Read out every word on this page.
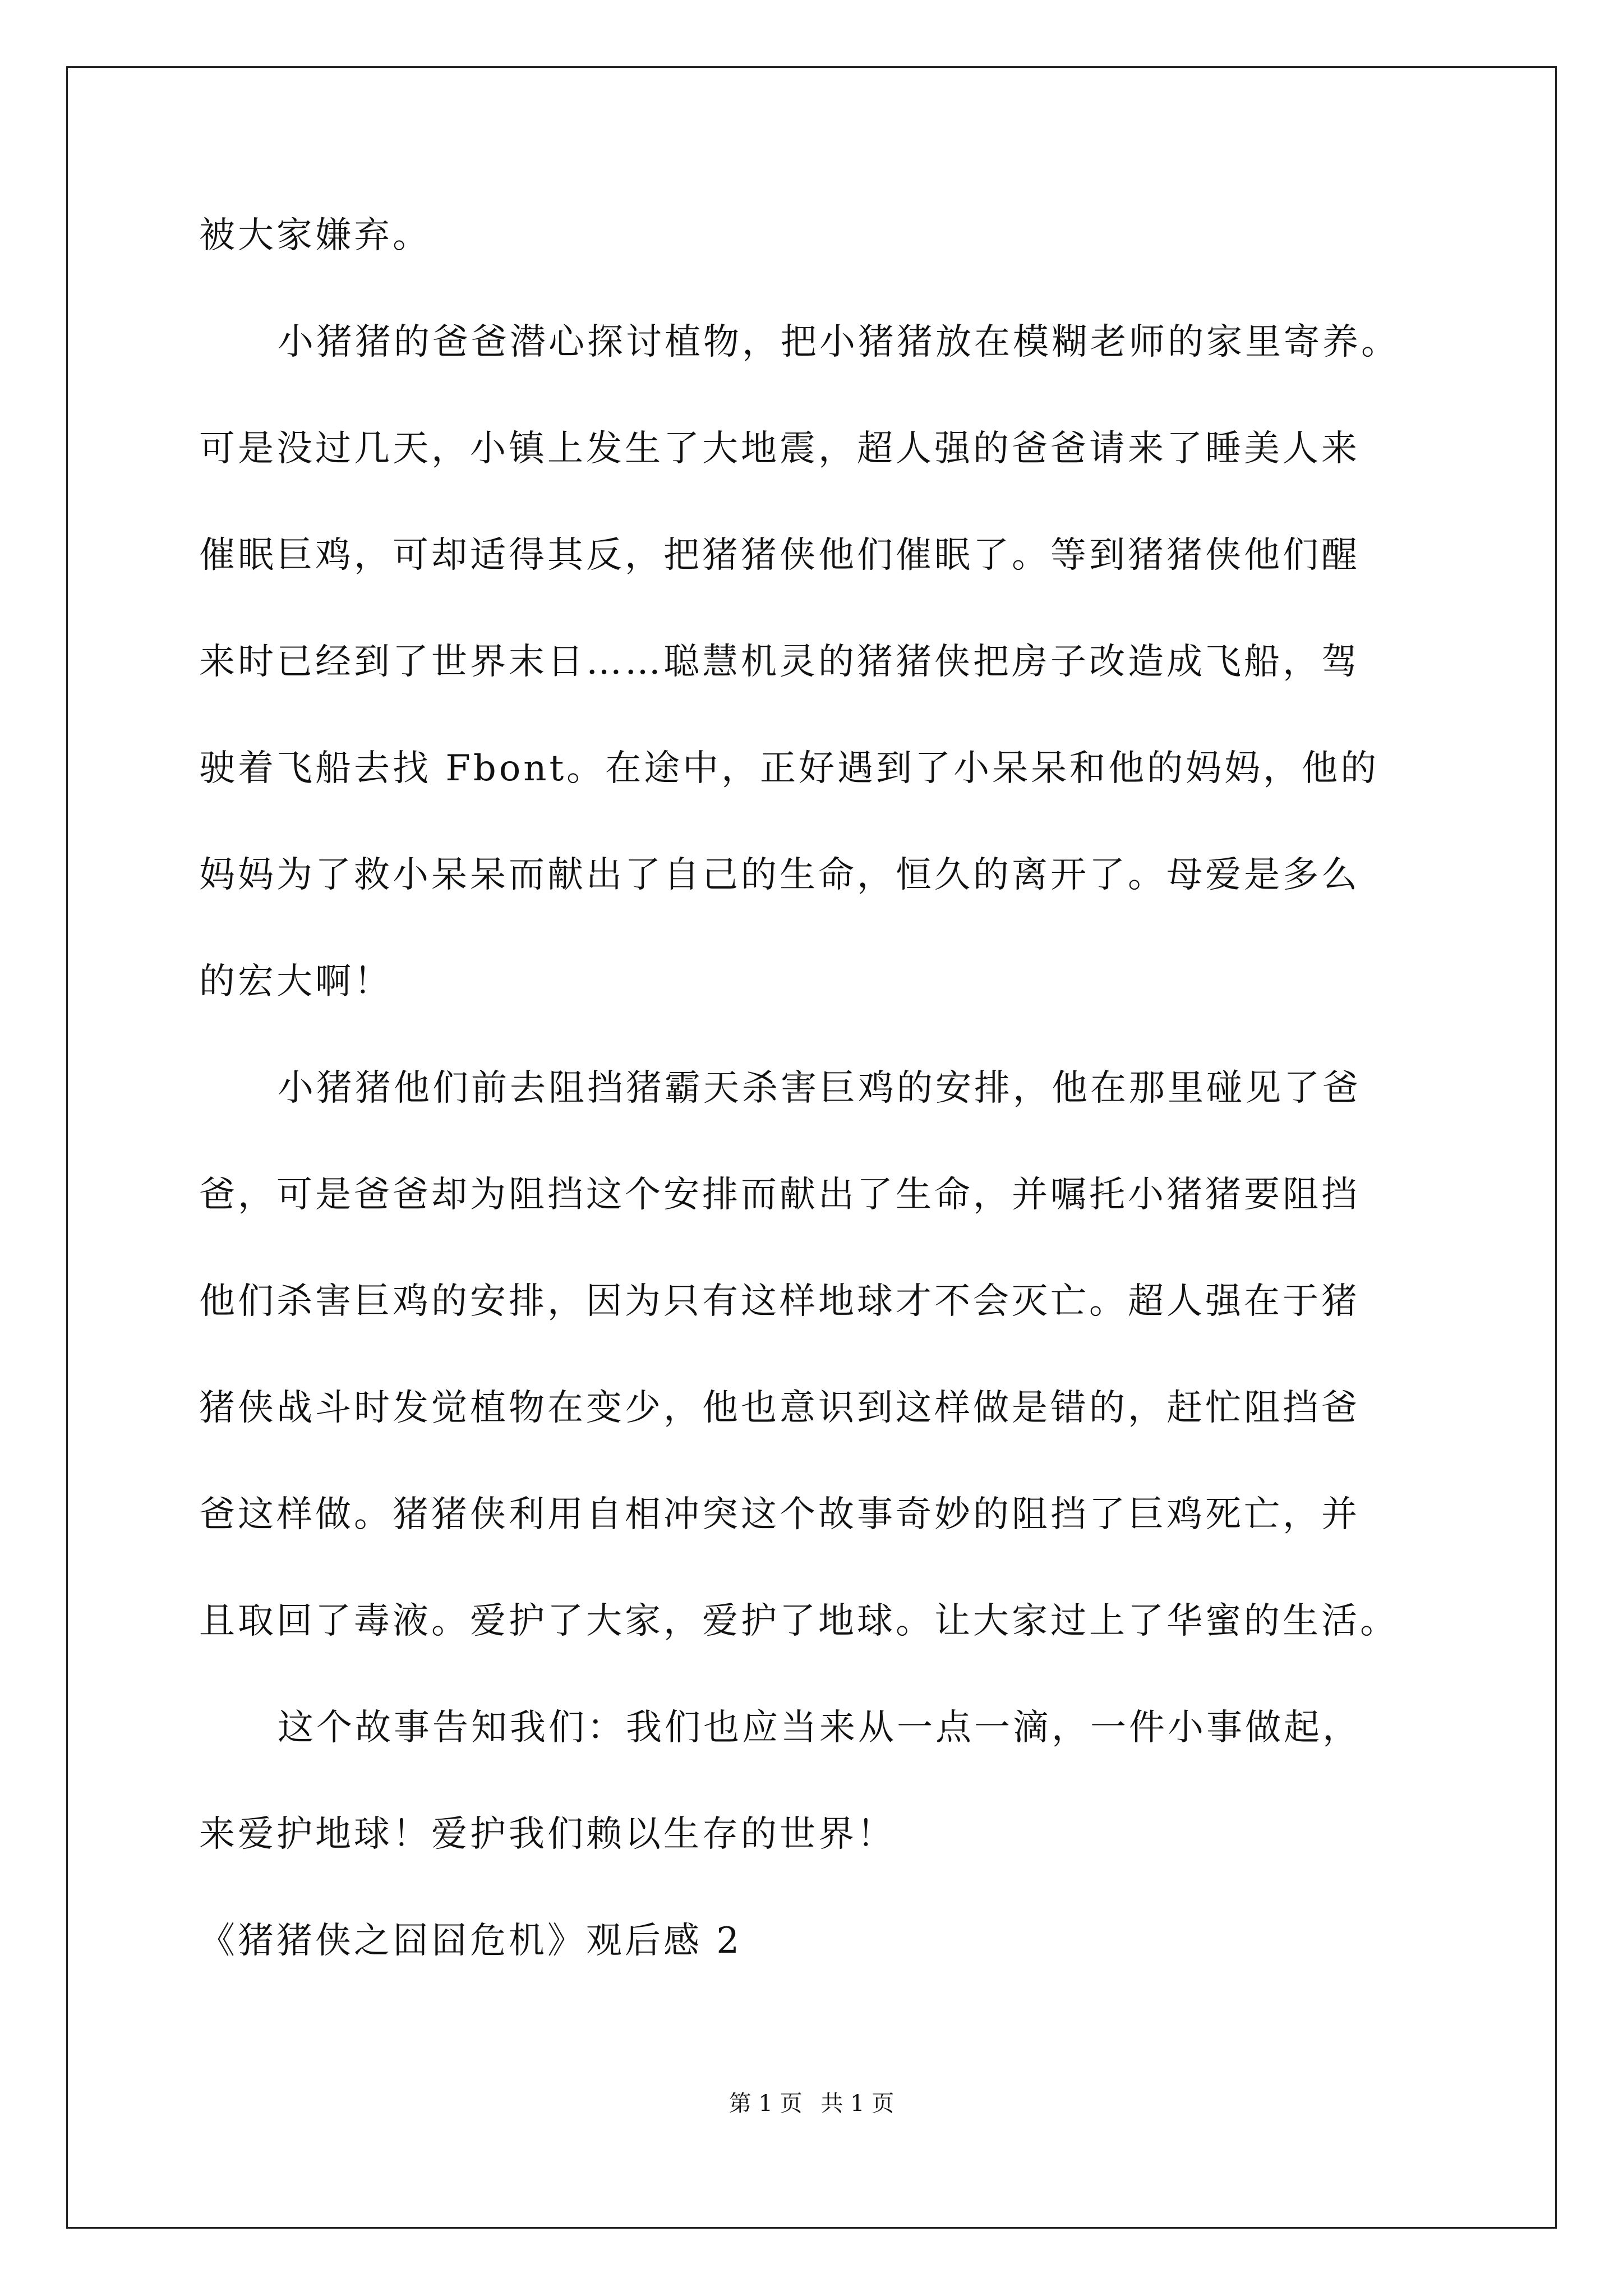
被大家嫌弃。
小猪猪的爸爸潜心探讨植物，把小猪猪放在模糊老师的家里寄养。
可是没过几天，小镇上发生了大地震，超人强的爸爸请来了睡美人来
催眠巨鸡，可却适得其反，把猪猪侠他们催眠了。等到猪猪侠他们醒
来时已经到了世界末日……聪慧机灵的猪猪侠把房子改造成飞船，驾
驶着飞船去找 Fbont。在途中，正好遇到了小呆呆和他的妈妈，他的
妈妈为了救小呆呆而献出了自己的生命，恒久的离开了。母爱是多么
的宏大啊！
小猪猪他们前去阻挡猪霸天杀害巨鸡的安排，他在那里碰见了爸
爸，可是爸爸却为阻挡这个安排而献出了生命，并嘱托小猪猪要阻挡
他们杀害巨鸡的安排，因为只有这样地球才不会灭亡。超人强在于猪
猪侠战斗时发觉植物在变少，他也意识到这样做是错的，赶忙阻挡爸
爸这样做。猪猪侠利用自相冲突这个故事奇妙的阻挡了巨鸡死亡，并
且取回了毒液。爱护了大家，爱护了地球。让大家过上了华蜜的生活。
这个故事告知我们：我们也应当来从一点一滴，一件小事做起，
来爱护地球！爱护我们赖以生存的世界！
《猪猪侠之囧囧危机》观后感 2
第 1 页 共 1 页
